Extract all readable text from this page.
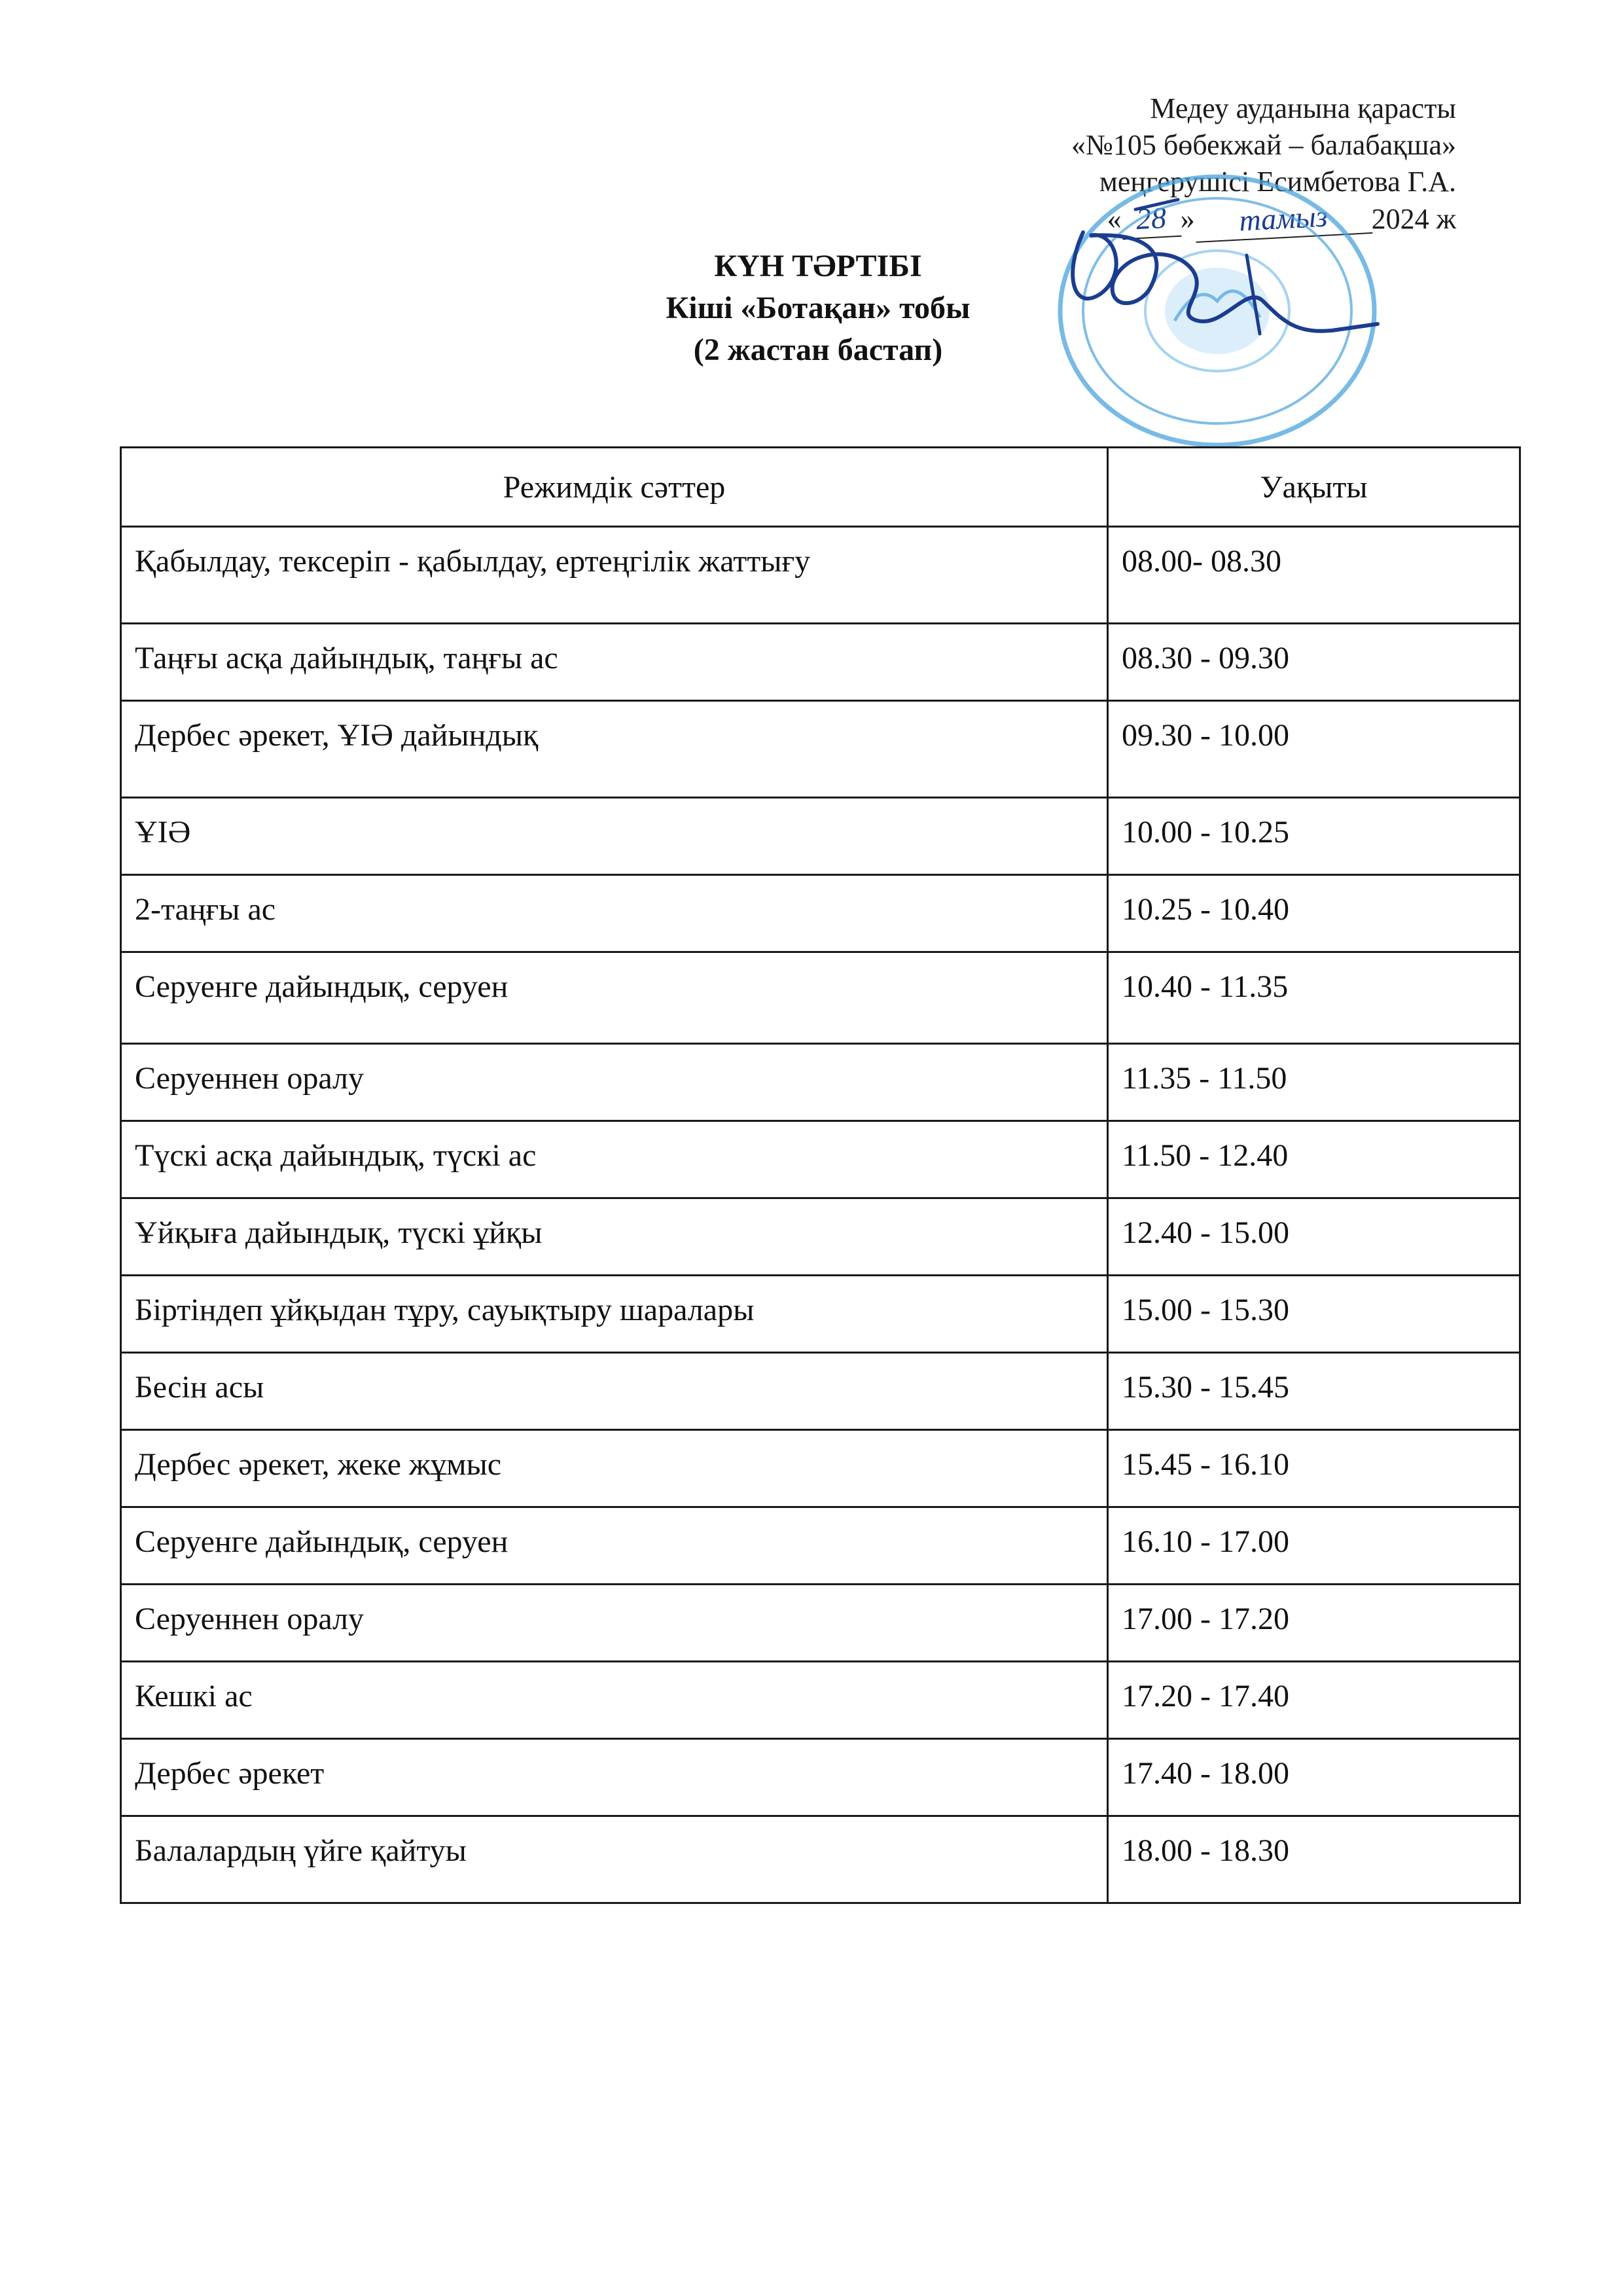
Медеу ауданына қарасты
«№105 бөбекжай – балабақша»
меңгерушісі Есимбетова Г.А.
« 28 » тамыз 2024 ж
КҮН ТӘРТІБІ
Кіші «Ботақан» тобы
(2 жастан бастап)
Режимдік сәттер	Уақыты
Қабылдау, тексеріп - қабылдау, ертеңгілік жаттығу	08.00- 08.30
Таңғы асқа дайындық, таңғы ас	08.30 - 09.30
Дербес әрекет, ҰІӘ дайындық	09.30 - 10.00
ҰІӘ	10.00 - 10.25
2-таңғы ас	10.25 - 10.40
Серуенге дайындық, серуен	10.40 - 11.35
Серуеннен оралу	11.35 - 11.50
Түскі асқа дайындық, түскі ас	11.50 - 12.40
Ұйқыға дайындық, түскі ұйқы	12.40 - 15.00
Біртіндеп ұйқыдан тұру, сауықтыру шаралары	15.00 - 15.30
Бесін асы	15.30 - 15.45
Дербес әрекет, жеке жұмыс	15.45 - 16.10
Серуенге дайындық, серуен	16.10 - 17.00
Серуеннен оралу	17.00 - 17.20
Кешкі ас	17.20 - 17.40
Дербес әрекет	17.40 - 18.00
Балалардың үйге қайтуы	18.00 - 18.30
